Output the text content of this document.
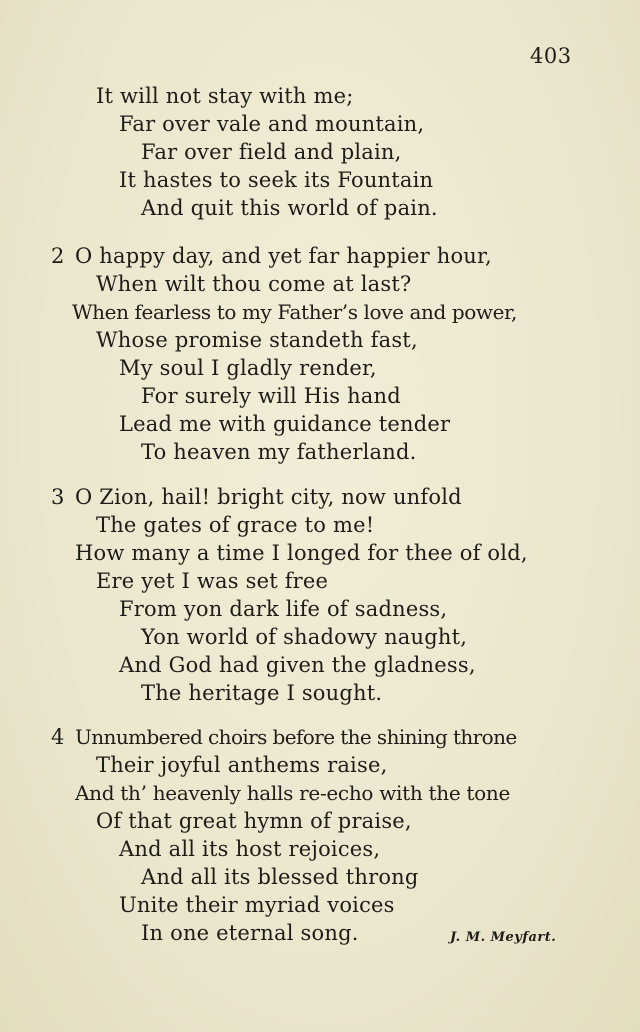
403
It will not stay with me;
Far over vale and mountain,
Far over field and plain,
It hastes to seek its Fountain
And quit this world of pain.
2 O happy day, and yet far happier hour,
When wilt thou come at last?
When fearless to my Father’s love and power,
Whose promise standeth fast,
My soul I gladly render,
For surely will His hand
Lead me with guidance tender
To heaven my fatherland.
3 O Zion, hail! bright city, now unfold
The gates of grace to me!
How many a time I longed for thee of old,
Ere yet I was set free
From yon dark life of sadness,
Yon world of shadowy naught,
And God had given the gladness,
The heritage I sought.
4 Unnumbered choirs before the shining throne
Their joyful anthems raise,
And th’ heavenly halls re-echo with the tone
Of that great hymn of praise,
And all its host rejoices,
And all its blessed throng
Unite their myriad voices
In one eternal song.	J. M. Meyfart.
